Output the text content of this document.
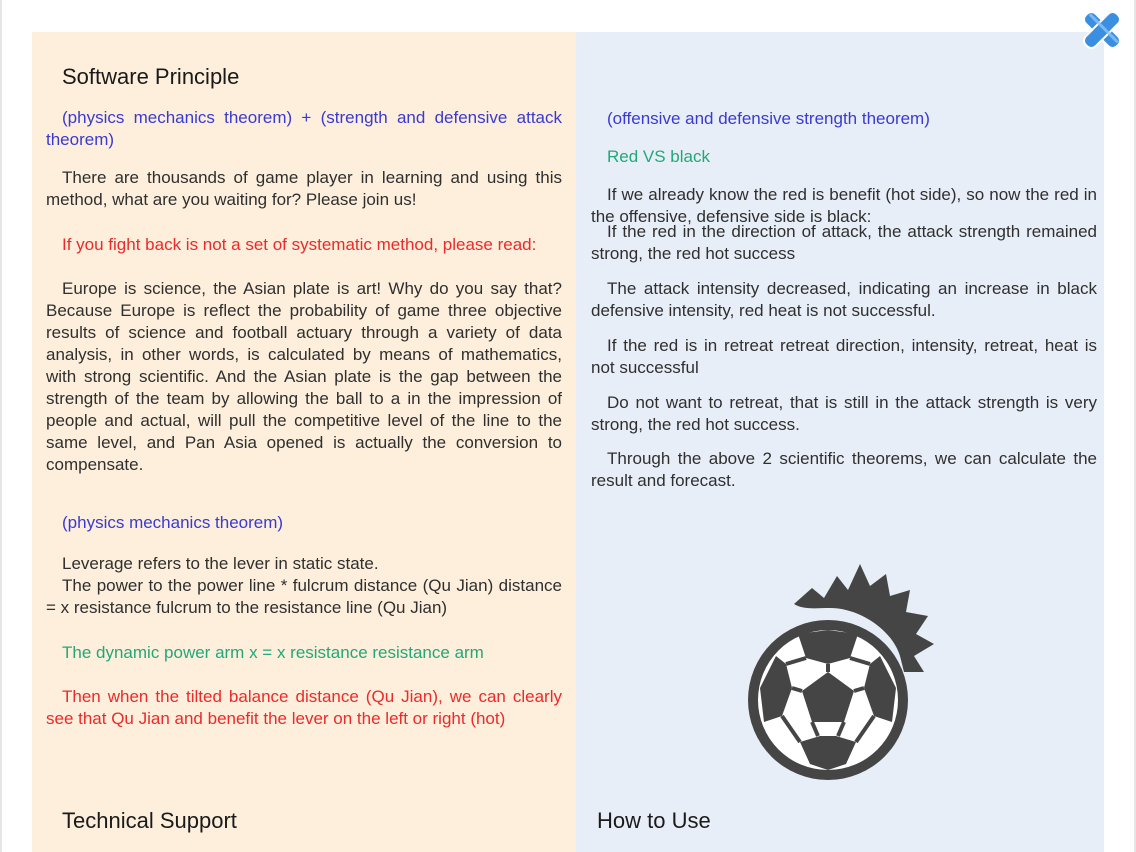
Software Principle
(physics mechanics theorem) + (strength and defensive attack theorem)
There are thousands of game player in learning and using this method, what are you waiting for? Please join us!
If you fight back is not a set of systematic method, please read:
Europe is science, the Asian plate is art! Why do you say that? Because Europe is reflect the probability of game three objective results of science and football actuary through a variety of data analysis, in other words, is calculated by means of mathematics, with strong scientific. And the Asian plate is the gap between the strength of the team by allowing the ball to a in the impression of people and actual, will pull the competitive level of the line to the same level, and Pan Asia opened is actually the conversion to compensate.
(physics mechanics theorem)
Leverage refers to the lever in static state.
The power to the power line * fulcrum distance (Qu Jian) distance = x resistance fulcrum to the resistance line (Qu Jian)
The dynamic power arm x = x resistance resistance arm
Then when the tilted balance distance (Qu Jian), we can clearly see that Qu Jian and benefit the lever on the left or right (hot)
Technical Support
(offensive and defensive strength theorem)
Red VS black
If we already know the red is benefit (hot side), so now the red in the offensive, defensive side is black:
If the red in the direction of attack, the attack strength remained strong, the red hot success
The attack intensity decreased, indicating an increase in black defensive intensity, red heat is not successful.
If the red is in retreat retreat direction, intensity, retreat, heat is not successful
Do not want to retreat, that is still in the attack strength is very strong, the red hot success.
Through the above 2 scientific theorems, we can calculate the result and forecast.
How to Use
